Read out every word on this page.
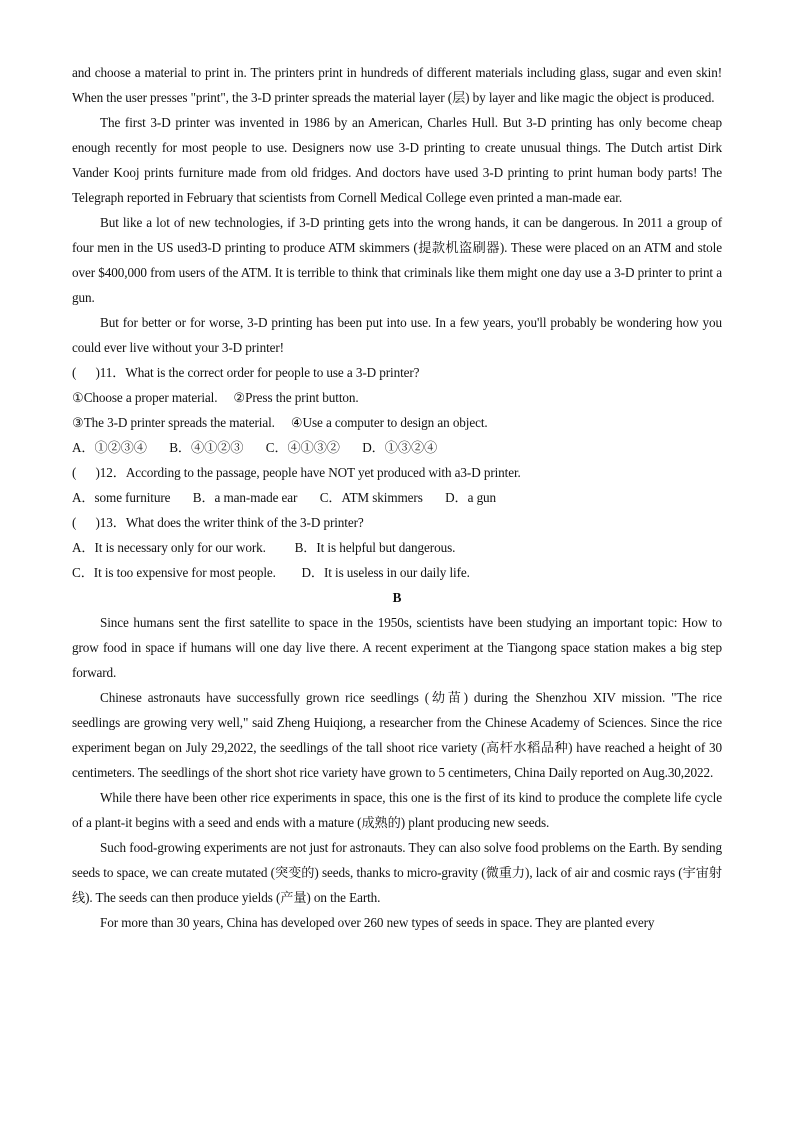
and choose a material to print in. The printers print in hundreds of different materials including glass, sugar and even skin! When the user presses "print", the 3-D printer spreads the material layer (层) by layer and like magic the object is produced.

The first 3-D printer was invented in 1986 by an American, Charles Hull. But 3-D printing has only become cheap enough recently for most people to use. Designers now use 3-D printing to create unusual things. The Dutch artist Dirk Vander Kooj prints furniture made from old fridges. And doctors have used 3-D printing to print human body parts! The Telegraph reported in February that scientists from Cornell Medical College even printed a man-made ear.

But like a lot of new technologies, if 3-D printing gets into the wrong hands, it can be dangerous. In 2011 a group of four men in the US used3-D printing to produce ATM skimmers (提款机盗刷器). These were placed on an ATM and stole over $400,000 from users of the ATM. It is terrible to think that criminals like them might one day use a 3-D printer to print a gun.

But for better or for worse, 3-D printing has been put into use. In a few years, you'll probably be wondering how you could ever live without your 3-D printer!

(      )11．What is the correct order for people to use a 3-D printer?

①Choose a proper material.     ②Press the print button.

③The 3-D printer spreads the material.     ④Use a computer to design an object.

A．①②③④       B．④①②③       C．④①③②       D．①③②④

(      )12．According to the passage, people have NOT yet produced with a3-D printer.

A．some furniture       B．a man-made ear       C．ATM skimmers       D．a gun

(      )13．What does the writer think of the 3-D printer?

A．It is necessary only for our work.         B．It is helpful but dangerous.

C．It is too expensive for most people.        D．It is useless in our daily life.

B

Since humans sent the first satellite to space in the 1950s, scientists have been studying an important topic: How to grow food in space if humans will one day live there. A recent experiment at the Tiangong space station makes a big step forward.

Chinese astronauts have successfully grown rice seedlings (幼苗) during the Shenzhou XIV mission. "The rice seedlings are growing very well," said Zheng Huiqiong, a researcher from the Chinese Academy of Sciences. Since the rice experiment began on July 29,2022, the seedlings of the tall shoot rice variety (高杆水稻品种) have reached a height of 30 centimeters. The seedlings of the short shot rice variety have grown to 5 centimeters, China Daily reported on Aug.30,2022.

While there have been other rice experiments in space, this one is the first of its kind to produce the complete life cycle of a plant-it begins with a seed and ends with a mature (成熟的) plant producing new seeds.

Such food-growing experiments are not just for astronauts. They can also solve food problems on the Earth. By sending seeds to space, we can create mutated (突变的) seeds, thanks to micro-gravity (微重力), lack of air and cosmic rays (宇宙射线). The seeds can then produce yields (产量) on the Earth.

For more than 30 years, China has developed over 260 new types of seeds in space. They are planted every
